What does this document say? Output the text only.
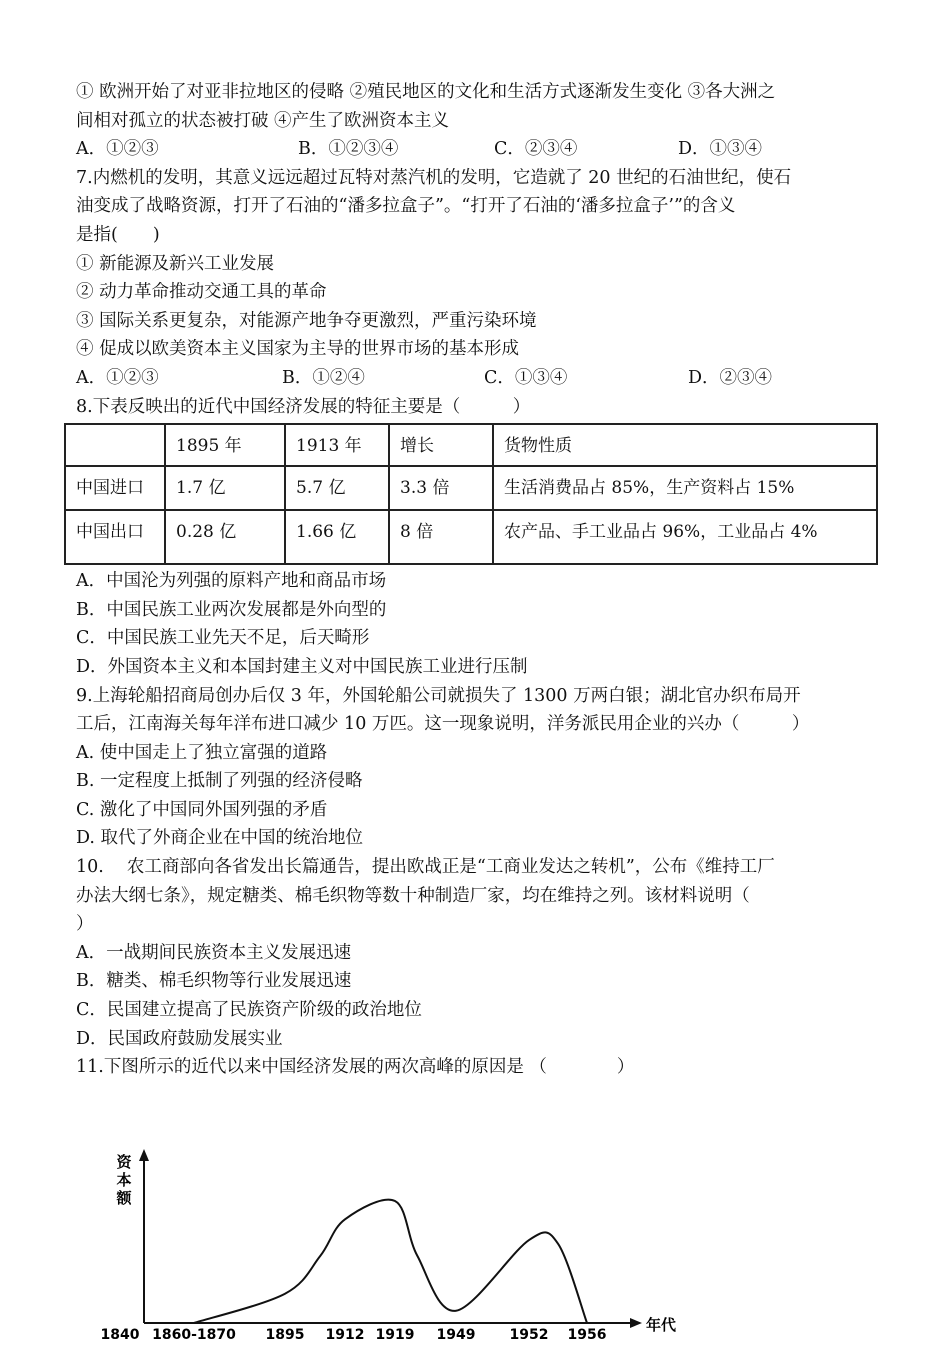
① 欧洲开始了对亚非拉地区的侵略 ②殖民地区的文化和生活方式逐渐发生变化 ③各大洲之
间相对孤立的状态被打破 ④产生了欧洲资本主义
A．①②③	B．①②③④	C．②③④	D．①③④
7.内燃机的发明，其意义远远超过瓦特对蒸汽机的发明，它造就了 20 世纪的石油世纪，使石
油变成了战略资源，打开了石油的“潘多拉盒子”。“打开了石油的‘潘多拉盒子’”的含义
是指(　　)
① 新能源及新兴工业发展
② 动力革命推动交通工具的革命
③ 国际关系更复杂，对能源产地争夺更激烈，严重污染环境
④ 促成以欧美资本主义国家为主导的世界市场的基本形成
A．①②③	B．①②④	C．①③④	D．②③④
8.下表反映出的近代中国经济发展的特征主要是（　　　）
	1895 年	1913 年	增长	货物性质
中国进口	1.7 亿	5.7 亿	3.3 倍	生活消费品占 85%，生产资料占 15%
中国出口	0.28 亿	1.66 亿	8 倍	农产品、手工业品占 96%，工业品占 4%
A．中国沦为列强的原料产地和商品市场
B．中国民族工业两次发展都是外向型的
C．中国民族工业先天不足，后天畸形
D．外国资本主义和本国封建主义对中国民族工业进行压制
9.上海轮船招商局创办后仅 3 年，外国轮船公司就损失了 1300 万两白银；湖北官办织布局开
工后，江南海关每年洋布进口减少 10 万匹。这一现象说明，洋务派民用企业的兴办（　　　）
A. 使中国走上了独立富强的道路
B. 一定程度上抵制了列强的经济侵略
C. 激化了中国同外国列强的矛盾
D. 取代了外商企业在中国的统治地位
10.　 农工商部向各省发出长篇通告，提出欧战正是“工商业发达之转机”，公布《维持工厂
办法大纲七条》，规定糖类、棉毛织物等数十种制造厂家，均在维持之列。该材料说明（
）
A．一战期间民族资本主义发展迅速
B．糖类、棉毛织物等行业发展迅速
C．民国建立提高了民族资产阶级的政治地位
D．民国政府鼓励发展实业
11.下图所示的近代以来中国经济发展的两次高峰的原因是 （　　　　）
资本额
年代
1840 1860-1870 1895 1912 1919 1949 1952 1956
